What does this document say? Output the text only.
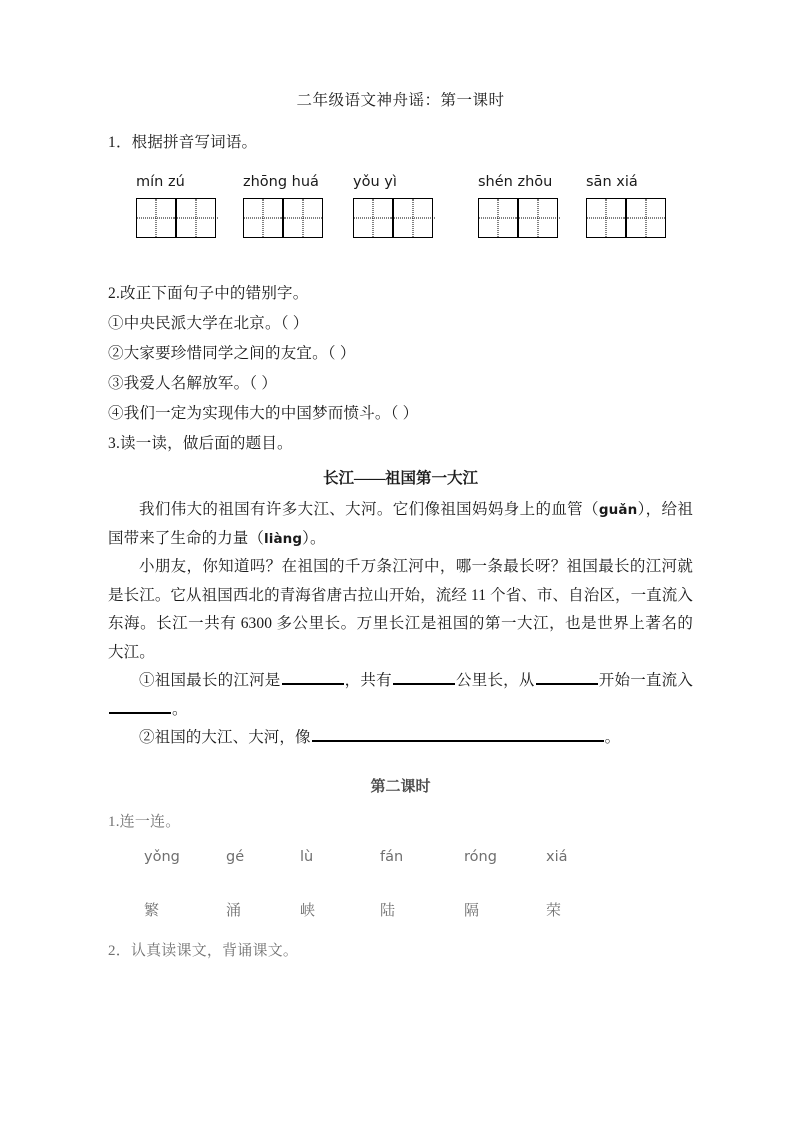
二年级语文神舟谣：第一课时

1．根据拼音写词语。

mín zú	zhōng huá yǒu yì	shén zhōu	sān xiá

2.改正下面句子中的错别字。

①中央民派大学在北京。（ ）

②大家要珍惜同学之间的友宜。（ ）

③我爱人名解放军。（ ）

④我们一定为实现伟大的中国梦而愤斗。（ ）

3.读一读，做后面的题目。

长江——祖国第一大江

我们伟大的祖国有许多大江、大河。它们像祖国妈妈身上的血管（guǎn），给祖国带来了生命的力量（liàng）。

小朋友，你知道吗？在祖国的千万条江河中，哪一条最长呀？祖国最长的江河就是长江。它从祖国西北的青海省唐古拉山开始，流经 11 个省、市、自治区，一直流入东海。长江一共有 6300 多公里长。万里长江是祖国的第一大江，也是世界上著名的大江。

①祖国最长的江河是	，共有	公里长，从	开始一直流入。

②祖国的大江、大河，像	。

第二课时

1.连一连。

yǒng	gé	lù	fán	róng	xiá
繁	涌	峡	陆	隔	荣

2．认真读课文，背诵课文。
